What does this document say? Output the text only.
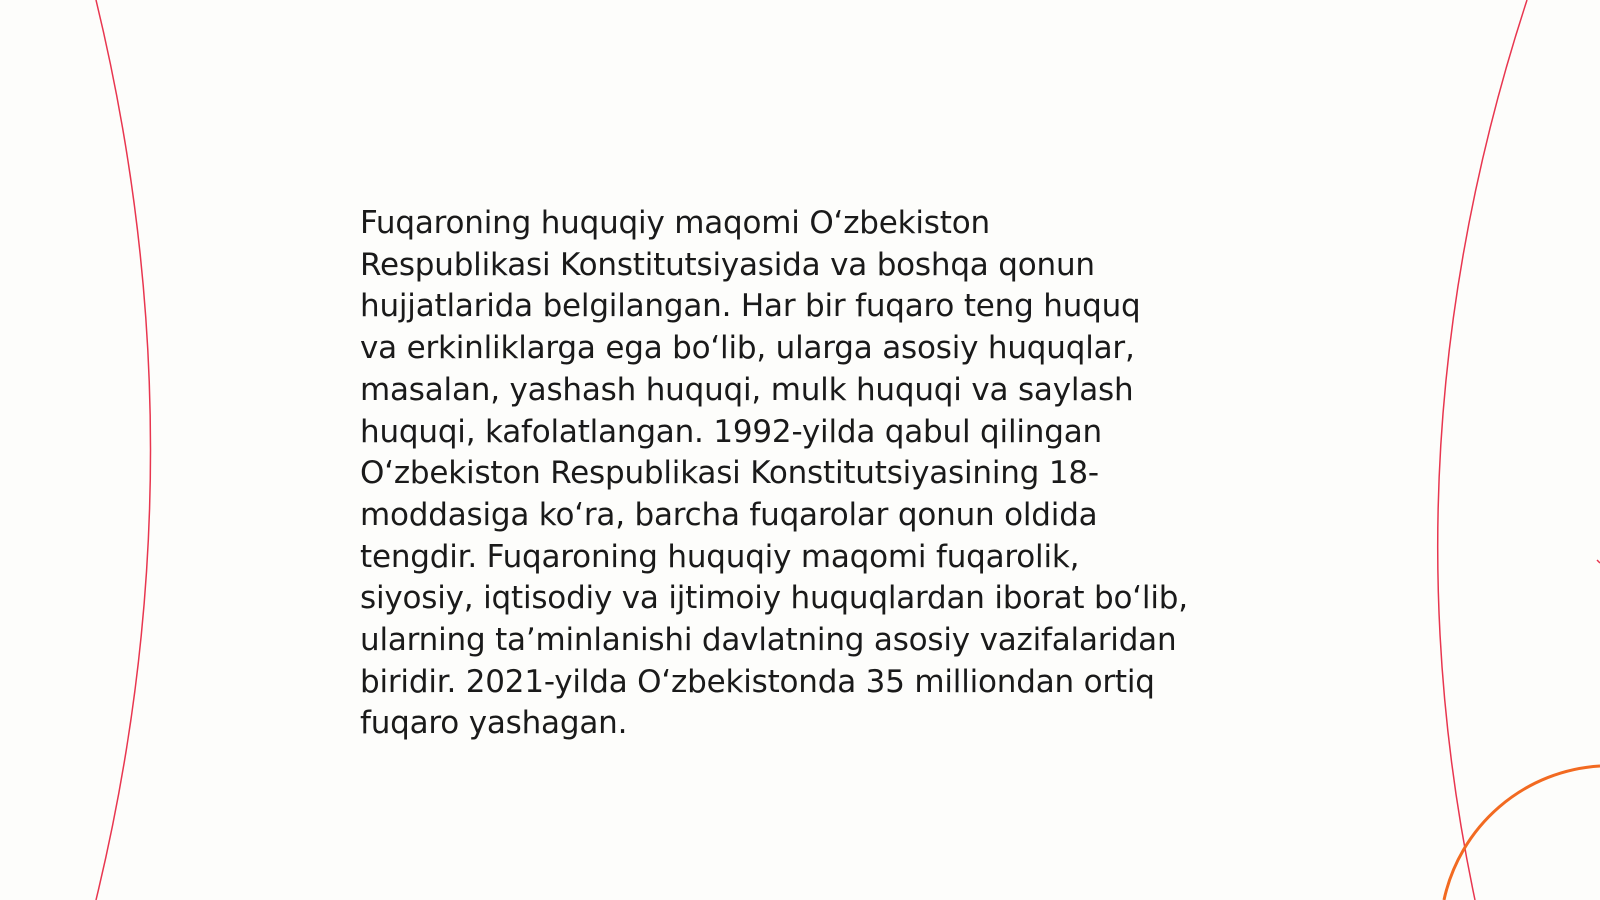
Fuqaroning huquqiy maqomi O‘zbekiston
Respublikasi Konstitutsiyasida va boshqa qonun
hujjatlarida belgilangan. Har bir fuqaro teng huquq
va erkinliklarga ega bo‘lib, ularga asosiy huquqlar,
masalan, yashash huquqi, mulk huquqi va saylash
huquqi, kafolatlangan. 1992-yilda qabul qilingan
O‘zbekiston Respublikasi Konstitutsiyasining 18-
moddasiga ko‘ra, barcha fuqarolar qonun oldida
tengdir. Fuqaroning huquqiy maqomi fuqarolik,
siyosiy, iqtisodiy va ijtimoiy huquqlardan iborat bo‘lib,
ularning ta’minlanishi davlatning asosiy vazifalaridan
biridir. 2021-yilda O‘zbekistonda 35 milliondan ortiq
fuqaro yashagan.
